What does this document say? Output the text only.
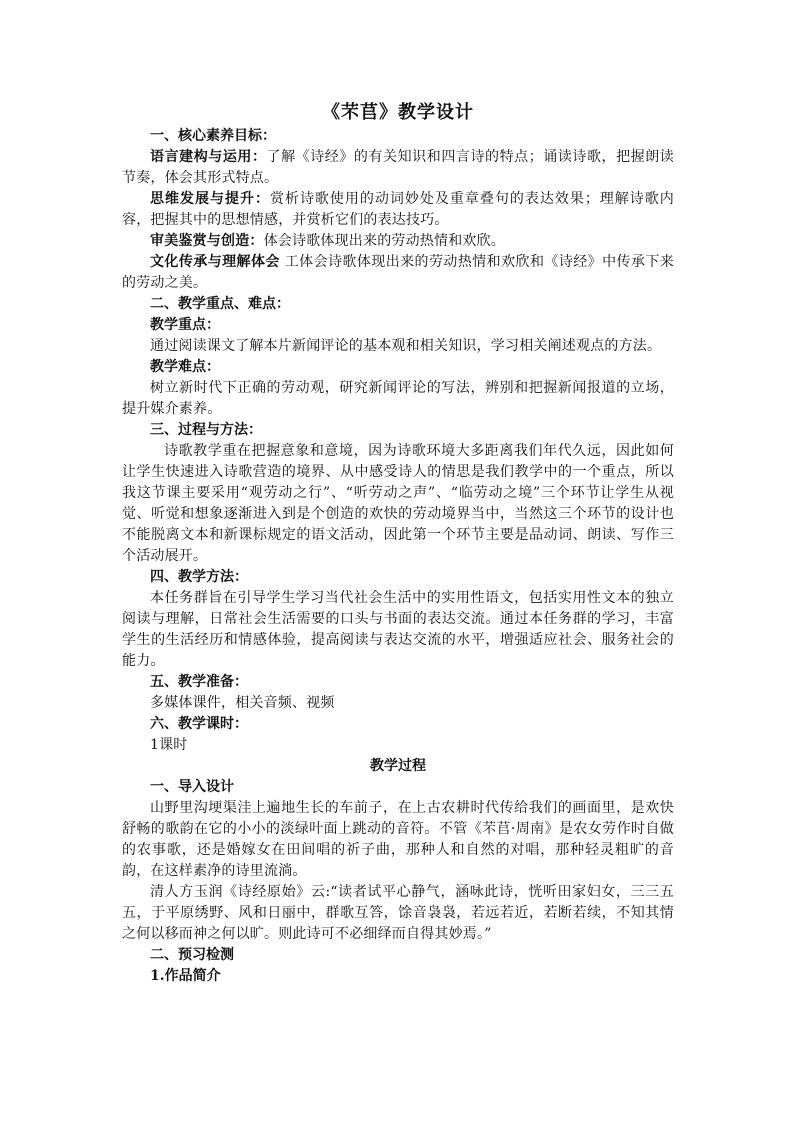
《芣苢》教学设计
一、核心素养目标：
语言建构与运用：了解《诗经》的有关知识和四言诗的特点；诵读诗歌，把握朗读节奏，体会其形式特点。
思维发展与提升：赏析诗歌使用的动词妙处及重章叠句的表达效果；理解诗歌内容，把握其中的思想情感，并赏析它们的表达技巧。
审美鉴赏与创造：体会诗歌体现出来的劳动热情和欢欣。
文化传承与理解体会 工体会诗歌体现出来的劳动热情和欢欣和《诗经》中传承下来的劳动之美。
二、教学重点、难点：
教学重点：
通过阅读课文了解本片新闻评论的基本观和相关知识，学习相关阐述观点的方法。
教学难点：
树立新时代下正确的劳动观，研究新闻评论的写法，辨别和把握新闻报道的立场，提升媒介素养。
三、过程与方法：
诗歌教学重在把握意象和意境，因为诗歌环境大多距离我们年代久远，因此如何让学生快速进入诗歌营造的境界、从中感受诗人的情思是我们教学中的一个重点，所以我这节课主要采用“观劳动之行”、“听劳动之声”、“临劳动之境”三个环节让学生从视觉、听觉和想象逐渐进入到是个创造的欢快的劳动境界当中，当然这三个环节的设计也不能脱离文本和新课标规定的语文活动，因此第一个环节主要是品动词、朗读、写作三个活动展开。
四、教学方法：
本任务群旨在引导学生学习当代社会生活中的实用性语文，包括实用性文本的独立阅读与理解，日常社会生活需要的口头与书面的表达交流。通过本任务群的学习，丰富学生的生活经历和情感体验，提高阅读与表达交流的水平，增强适应社会、服务社会的能力。
五、教学准备：
多媒体课件，相关音频、视频
六、教学课时：
1课时
教学过程
一、导入设计
山野里沟埂渠洼上遍地生长的车前子，在上古农耕时代传给我们的画面里，是欢快舒畅的歌韵在它的小小的淡绿叶面上跳动的音符。不管《芣苢·周南》是农女劳作时自做的农事歌，还是婚嫁女在田间唱的祈子曲，那种人和自然的对唱，那种轻灵粗旷的音韵，在这样素净的诗里流淌。
清人方玉润《诗经原始》云:“读者试平心静气，涵咏此诗，恍听田家妇女，三三五五，于平原绣野、风和日丽中，群歌互答，馀音袅袅，若远若近，若断若续，不知其情之何以移而神之何以旷。则此诗可不必细绎而自得其妙焉。”
二、预习检测
1.作品简介
